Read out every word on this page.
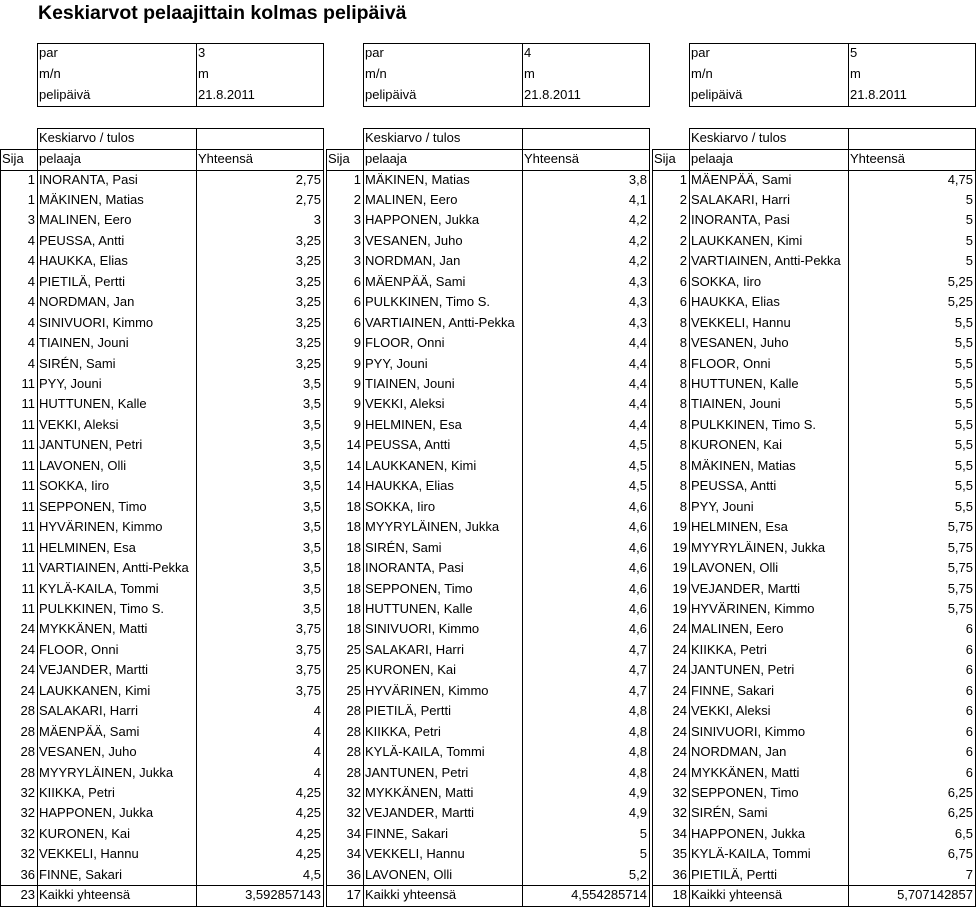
Keskiarvot pelaajittain kolmas pelipäivä
par	3
m/n	m
pelipäivä	21.8.2011
Keskiarvo / tulos
Sija	pelaaja	Yhteensä
1 INORANTA, Pasi	2,75
1 MÄKINEN, Matias	2,75
3 MALINEN, Eero	3
4 PEUSSA, Antti	3,25
4 HAUKKA, Elias	3,25
4 PIETILÄ, Pertti	3,25
4 NORDMAN, Jan	3,25
4 SINIVUORI, Kimmo	3,25
4 TIAINEN, Jouni	3,25
4 SIRÉN, Sami	3,25
11 PYY, Jouni	3,5
11 HUTTUNEN, Kalle	3,5
11 VEKKI, Aleksi	3,5
11 JANTUNEN, Petri	3,5
11 LAVONEN, Olli	3,5
11 SOKKA, Iiro	3,5
11 SEPPONEN, Timo	3,5
11 HYVÄRINEN, Kimmo	3,5
11 HELMINEN, Esa	3,5
11 VARTIAINEN, Antti-Pekka	3,5
11 KYLÄ-KAILA, Tommi	3,5
11 PULKKINEN, Timo S.	3,5
24 MYKKÄNEN, Matti	3,75
24 FLOOR, Onni	3,75
24 VEJANDER, Martti	3,75
24 LAUKKANEN, Kimi	3,75
28 SALAKARI, Harri	4
28 MÄENPÄÄ, Sami	4
28 VESANEN, Juho	4
28 MYYRYLÄINEN, Jukka	4
32 KIIKKA, Petri	4,25
32 HAPPONEN, Jukka	4,25
32 KURONEN, Kai	4,25
32 VEKKELI, Hannu	4,25
36 FINNE, Sakari	4,5
23 Kaikki yhteensä	3,592857143
par	4
m/n	m
pelipäivä	21.8.2011
Keskiarvo / tulos
Sija	pelaaja	Yhteensä
1 MÄKINEN, Matias	3,8
2 MALINEN, Eero	4,1
3 HAPPONEN, Jukka	4,2
3 VESANEN, Juho	4,2
3 NORDMAN, Jan	4,2
6 MÄENPÄÄ, Sami	4,3
6 PULKKINEN, Timo S.	4,3
6 VARTIAINEN, Antti-Pekka	4,3
9 FLOOR, Onni	4,4
9 PYY, Jouni	4,4
9 TIAINEN, Jouni	4,4
9 VEKKI, Aleksi	4,4
9 HELMINEN, Esa	4,4
14 PEUSSA, Antti	4,5
14 LAUKKANEN, Kimi	4,5
14 HAUKKA, Elias	4,5
18 SOKKA, Iiro	4,6
18 MYYRYLÄINEN, Jukka	4,6
18 SIRÉN, Sami	4,6
18 INORANTA, Pasi	4,6
18 SEPPONEN, Timo	4,6
18 HUTTUNEN, Kalle	4,6
18 SINIVUORI, Kimmo	4,6
25 SALAKARI, Harri	4,7
25 KURONEN, Kai	4,7
25 HYVÄRINEN, Kimmo	4,7
28 PIETILÄ, Pertti	4,8
28 KIIKKA, Petri	4,8
28 KYLÄ-KAILA, Tommi	4,8
28 JANTUNEN, Petri	4,8
32 MYKKÄNEN, Matti	4,9
32 VEJANDER, Martti	4,9
34 FINNE, Sakari	5
34 VEKKELI, Hannu	5
36 LAVONEN, Olli	5,2
17 Kaikki yhteensä	4,554285714
par	5
m/n	m
pelipäivä	21.8.2011
Keskiarvo / tulos
Sija	pelaaja	Yhteensä
1 MÄENPÄÄ, Sami	4,75
2 SALAKARI, Harri	5
2 INORANTA, Pasi	5
2 LAUKKANEN, Kimi	5
2 VARTIAINEN, Antti-Pekka	5
6 SOKKA, Iiro	5,25
6 HAUKKA, Elias	5,25
8 VEKKELI, Hannu	5,5
8 VESANEN, Juho	5,5
8 FLOOR, Onni	5,5
8 HUTTUNEN, Kalle	5,5
8 TIAINEN, Jouni	5,5
8 PULKKINEN, Timo S.	5,5
8 KURONEN, Kai	5,5
8 MÄKINEN, Matias	5,5
8 PEUSSA, Antti	5,5
8 PYY, Jouni	5,5
19 HELMINEN, Esa	5,75
19 MYYRYLÄINEN, Jukka	5,75
19 LAVONEN, Olli	5,75
19 VEJANDER, Martti	5,75
19 HYVÄRINEN, Kimmo	5,75
24 MALINEN, Eero	6
24 KIIKKA, Petri	6
24 JANTUNEN, Petri	6
24 FINNE, Sakari	6
24 VEKKI, Aleksi	6
24 SINIVUORI, Kimmo	6
24 NORDMAN, Jan	6
24 MYKKÄNEN, Matti	6
32 SEPPONEN, Timo	6,25
32 SIRÉN, Sami	6,25
34 HAPPONEN, Jukka	6,5
35 KYLÄ-KAILA, Tommi	6,75
36 PIETILÄ, Pertti	7
18 Kaikki yhteensä	5,707142857
